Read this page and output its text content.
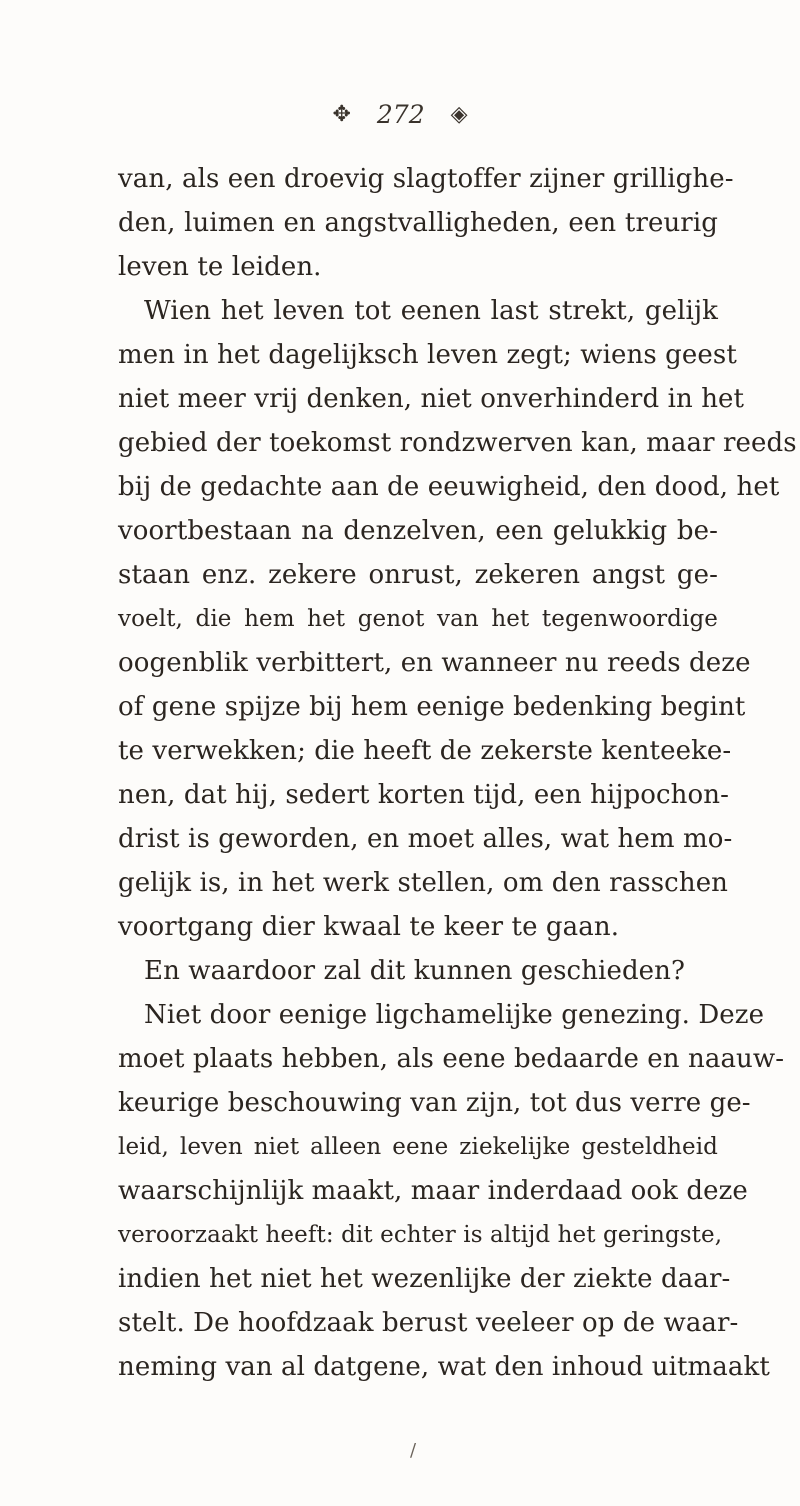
✥ 272 ◈
van, als een droevig slagtoffer zijner grillighe-
den, luimen en angstvalligheden, een treurig
leven te leiden.
Wien het leven tot eenen last strekt, gelijk
men in het dagelijksch leven zegt; wiens geest
niet meer vrij denken, niet onverhinderd in het
gebied der toekomst rondzwerven kan, maar reeds
bij de gedachte aan de eeuwigheid, den dood, het
voortbestaan na denzelven, een gelukkig be-
staan enz. zekere onrust, zekeren angst ge-
voelt, die hem het genot van het tegenwoordige
oogenblik verbittert, en wanneer nu reeds deze
of gene spijze bij hem eenige bedenking begint
te verwekken; die heeft de zekerste kenteeke-
nen, dat hij, sedert korten tijd, een hijpochon-
drist is geworden, en moet alles, wat hem mo-
gelijk is, in het werk stellen, om den rasschen
voortgang dier kwaal te keer te gaan.
En waardoor zal dit kunnen geschieden?
Niet door eenige ligchamelijke genezing. Deze
moet plaats hebben, als eene bedaarde en naauw-
keurige beschouwing van zijn, tot dus verre ge-
leid, leven niet alleen eene ziekelijke gesteldheid
waarschijnlijk maakt, maar inderdaad ook deze
veroorzaakt heeft: dit echter is altijd het geringste,
indien het niet het wezenlijke der ziekte daar-
stelt. De hoofdzaak berust veeleer op de waar-
neming van al datgene, wat den inhoud uitmaakt
/
